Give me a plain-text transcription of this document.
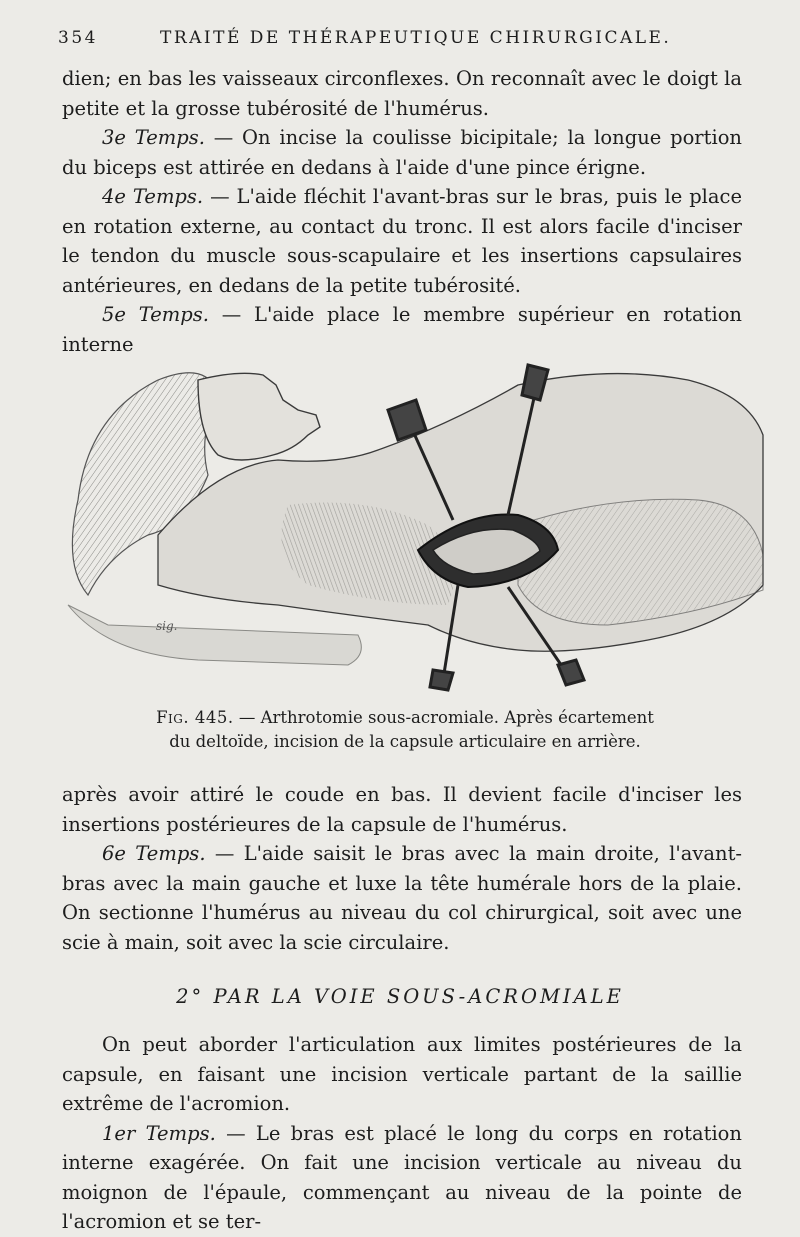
354	TRAITÉ DE THÉRAPEUTIQUE CHIRURGICALE.

dien; en bas les vaisseaux circonflexes. On reconnaît avec le doigt la petite et la grosse tubérosité de l'humérus.

3e Temps. — On incise la coulisse bicipitale; la longue portion du biceps est attirée en dedans à l'aide d'une pince érigne.

4e Temps. — L'aide fléchit l'avant-bras sur le bras, puis le place en rotation externe, au contact du tronc. Il est alors facile d'inciser le tendon du muscle sous-scapulaire et les insertions capsulaires antérieures, en dedans de la petite tubérosité.

5e Temps. — L'aide place le membre supérieur en rotation interne

sig.
Fig. 445. — Arthrotomie sous-acromiale. Après écartement du deltoïde, incision de la capsule articulaire en arrière.

après avoir attiré le coude en bas. Il devient facile d'inciser les insertions postérieures de la capsule de l'humérus.

6e Temps. — L'aide saisit le bras avec la main droite, l'avant-bras avec la main gauche et luxe la tête humérale hors de la plaie. On sectionne l'humérus au niveau du col chirurgical, soit avec une scie à main, soit avec la scie circulaire.

2° PAR LA VOIE SOUS-ACROMIALE

On peut aborder l'articulation aux limites postérieures de la capsule, en faisant une incision verticale partant de la saillie extrême de l'acromion.

1er Temps. — Le bras est placé le long du corps en rotation interne exagérée. On fait une incision verticale au niveau du moignon de l'épaule, commençant au niveau de la pointe de l'acromion et se ter-
